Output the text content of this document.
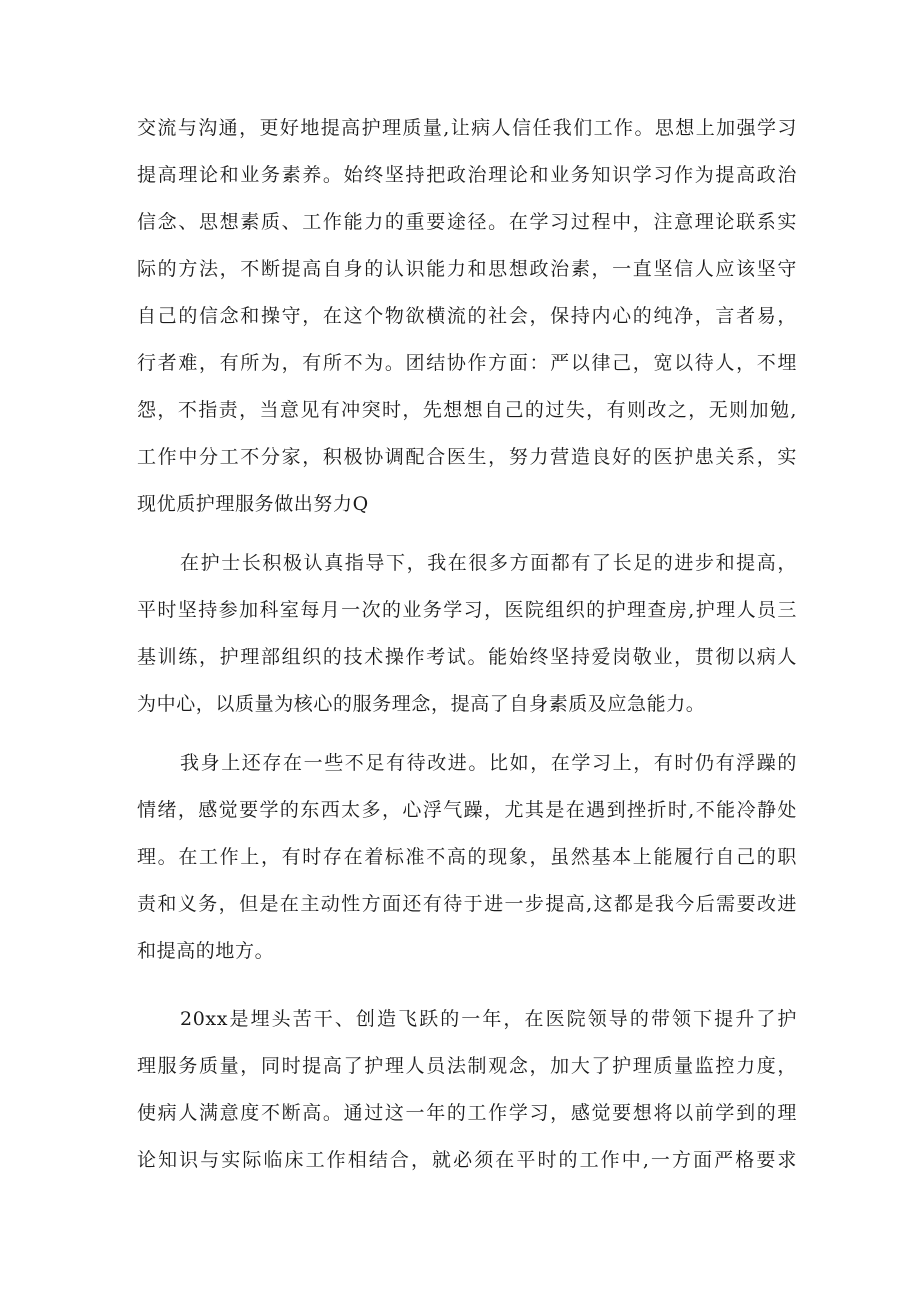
交流与沟通，更好地提高护理质量,让病人信任我们工作。思想上加强学习
提高理论和业务素养。始终坚持把政治理论和业务知识学习作为提高政治
信念、思想素质、工作能力的重要途径。在学习过程中，注意理论联系实
际的方法，不断提高自身的认识能力和思想政治素，一直坚信人应该坚守
自己的信念和操守，在这个物欲横流的社会，保持内心的纯净，言者易，
行者难，有所为，有所不为。团结协作方面：严以律己，宽以待人，不埋
怨，不指责，当意见有冲突时，先想想自己的过失，有则改之，无则加勉,
工作中分工不分家，积极协调配合医生，努力营造良好的医护患关系，实
现优质护理服务做出努力Q
在护士长积极认真指导下，我在很多方面都有了长足的进步和提高，
平时坚持参加科室每月一次的业务学习，医院组织的护理查房,护理人员三
基训练，护理部组织的技术操作考试。能始终坚持爱岗敬业，贯彻以病人
为中心，以质量为核心的服务理念，提高了自身素质及应急能力。
我身上还存在一些不足有待改进。比如，在学习上，有时仍有浮躁的
情绪，感觉要学的东西太多，心浮气躁，尤其是在遇到挫折时,不能冷静处
理。在工作上，有时存在着标准不高的现象，虽然基本上能履行自己的职
责和义务，但是在主动性方面还有待于进一步提高,这都是我今后需要改进
和提高的地方。
20xx是埋头苦干、创造飞跃的一年，在医院领导的带领下提升了护
理服务质量，同时提高了护理人员法制观念，加大了护理质量监控力度，
使病人满意度不断高。通过这一年的工作学习，感觉要想将以前学到的理
论知识与实际临床工作相结合，就必须在平时的工作中,一方面严格要求
